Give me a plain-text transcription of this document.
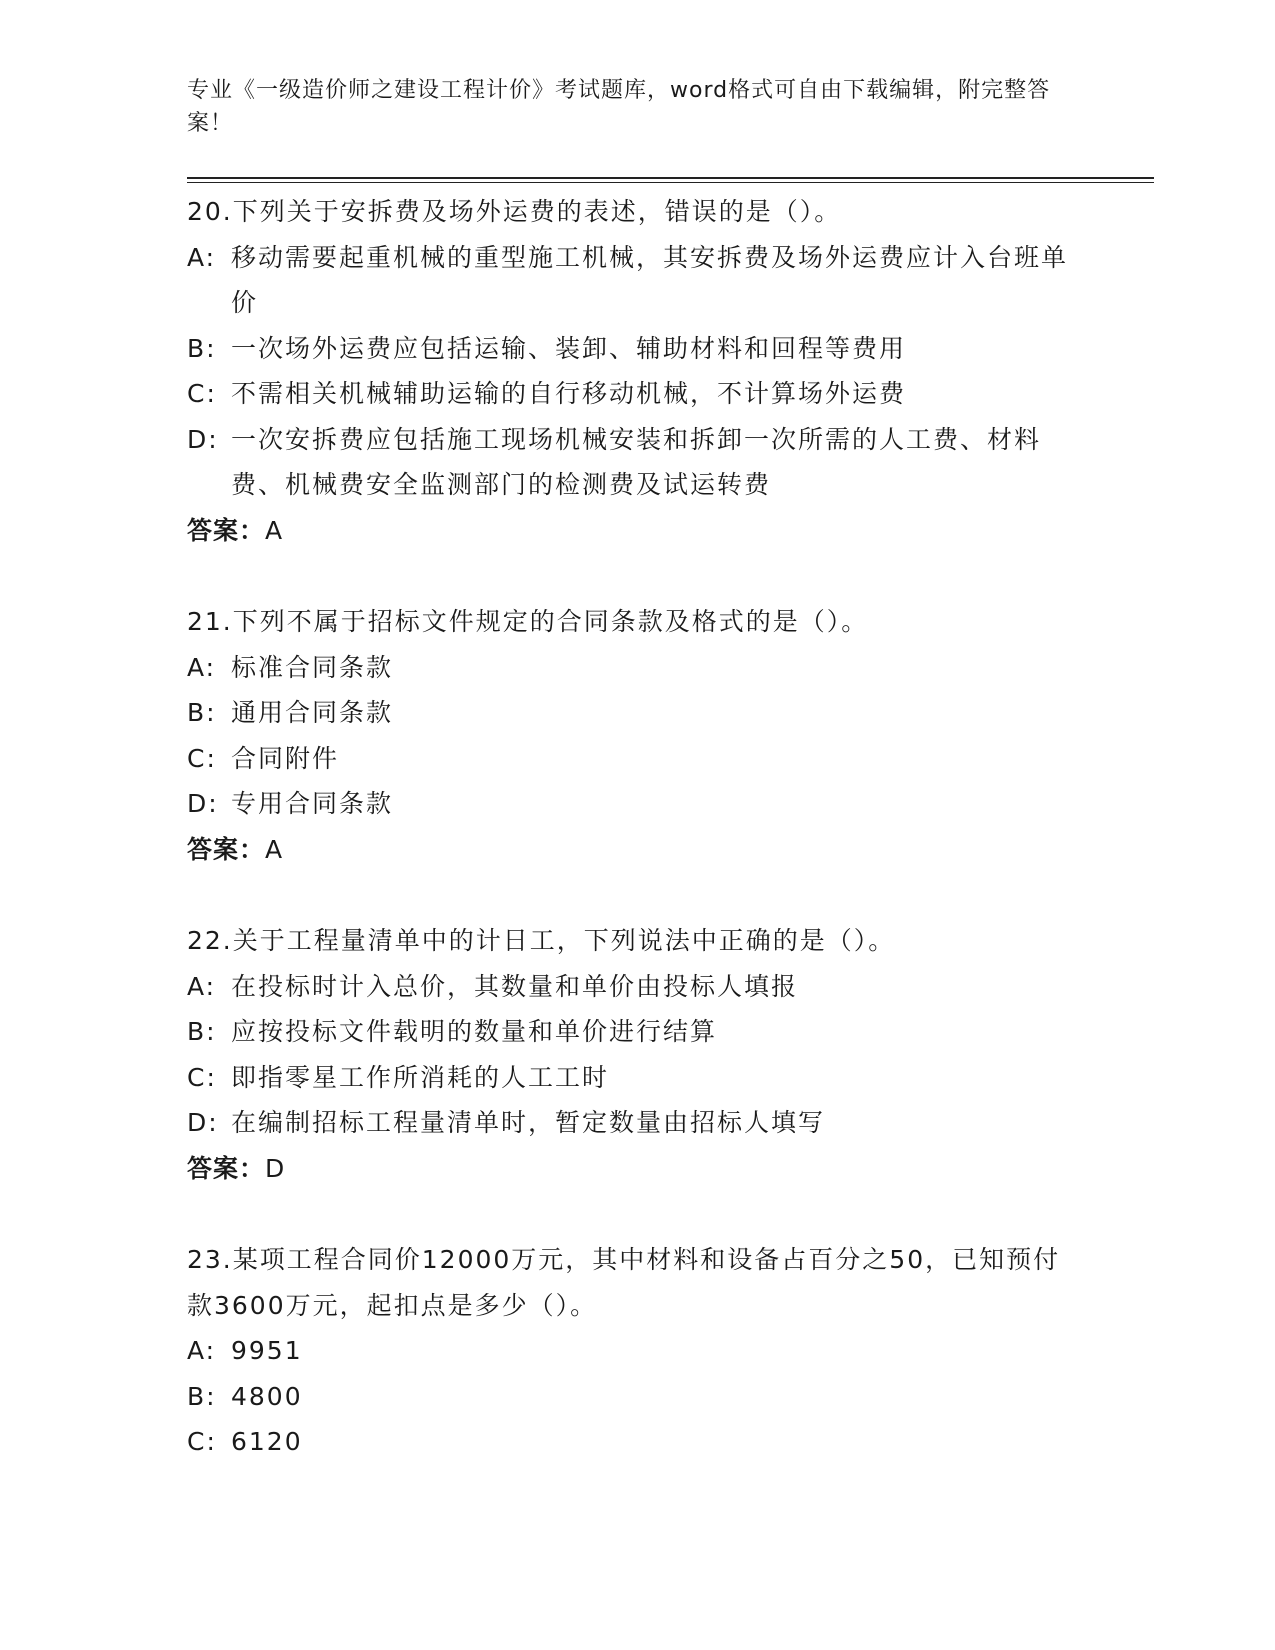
专业《一级造价师之建设工程计价》考试题库，word格式可自由下载编辑，附完整答案！
20.下列关于安拆费及场外运费的表述，错误的是（）。
A: 移动需要起重机械的重型施工机械，其安拆费及场外运费应计入台班单价
B: 一次场外运费应包括运输、装卸、辅助材料和回程等费用
C: 不需相关机械辅助运输的自行移动机械，不计算场外运费
D: 一次安拆费应包括施工现场机械安装和拆卸一次所需的人工费、材料费、机械费安全监测部门的检测费及试运转费
答案：A
21.下列不属于招标文件规定的合同条款及格式的是（）。
A: 标准合同条款
B: 通用合同条款
C: 合同附件
D: 专用合同条款
答案：A
22.关于工程量清单中的计日工，下列说法中正确的是（）。
A: 在投标时计入总价，其数量和单价由投标人填报
B: 应按投标文件载明的数量和单价进行结算
C: 即指零星工作所消耗的人工工时
D: 在编制招标工程量清单时，暂定数量由招标人填写
答案：D
23.某项工程合同价12000万元，其中材料和设备占百分之50，已知预付款3600万元，起扣点是多少（）。
A: 9951
B: 4800
C: 6120
